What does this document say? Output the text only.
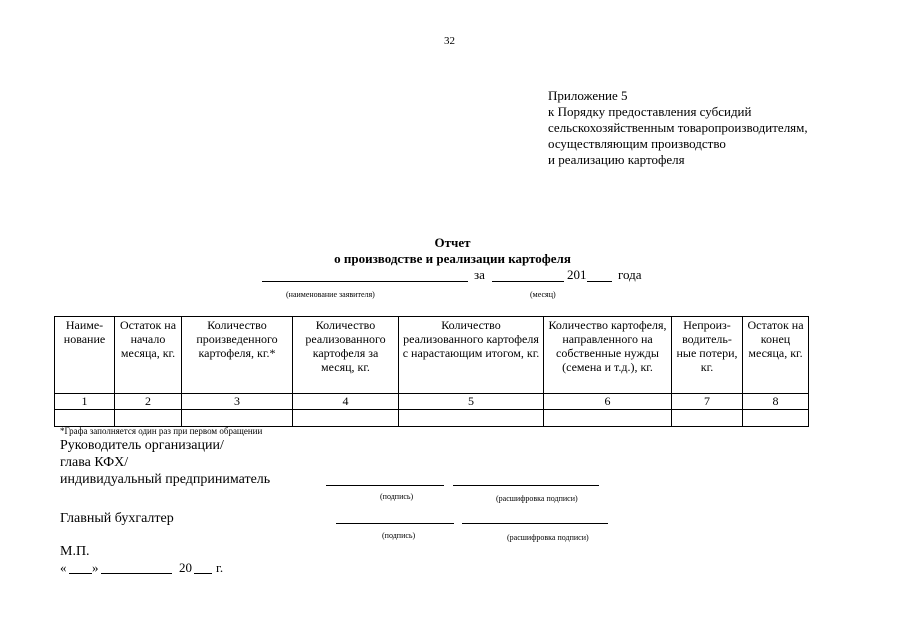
32
Приложение 5
к Порядку предоставления субсидий
сельскохозяйственным товаропроизводителям,
осуществляющим производство
и реализацию картофеля
Отчет
о производстве и реализации картофеля
за	201 года
(наименование заявителя)	(месяц)
Наиме-нование	Остаток на начало месяца, кг.	Количество произведенного картофеля, кг.*	Количество реализованного картофеля за месяц, кг.	Количество реализованного картофеля с нарастающим итогом, кг.	Количество картофеля, направленного на собственные нужды (семена и т.д.), кг.	Непроиз-водитель-ные потери, кг.	Остаток на конец месяца, кг.
1	2	3	4	5	6	7	8

*Графа заполняется один раз при первом обращении
Руководитель организации/
глава КФХ/
индивидуальный предприниматель
(подпись)	(расшифровка подписи)
Главный бухгалтер
(подпись)	(расшифровка подписи)
М.П.
« »	20 г.
